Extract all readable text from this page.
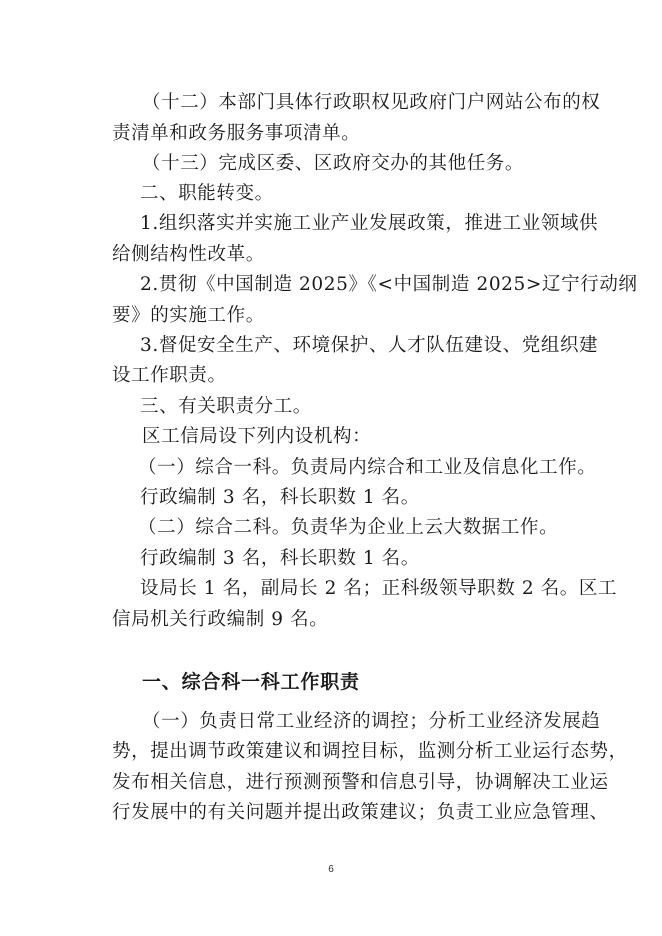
（十二）本部门具体行政职权见政府门户网站公布的权
责清单和政务服务事项清单。
（十三）完成区委、区政府交办的其他任务。
二、职能转变。
1.组织落实并实施工业产业发展政策，推进工业领域供
给侧结构性改革。
2.贯彻《中国制造 2025》《<中国制造 2025>辽宁行动纲
要》的实施工作。
3.督促安全生产、环境保护、人才队伍建设、党组织建
设工作职责。
三、有关职责分工。
区工信局设下列内设机构：
（一）综合一科。负责局内综合和工业及信息化工作。
行政编制 3 名，科长职数 1 名。
（二）综合二科。负责华为企业上云大数据工作。
行政编制 3 名，科长职数 1 名。
设局长 1 名，副局长 2 名；正科级领导职数 2 名。区工
信局机关行政编制 9 名。
一、综合科一科工作职责
（一）负责日常工业经济的调控；分析工业经济发展趋
势，提出调节政策建议和调控目标，监测分析工业运行态势，
发布相关信息，进行预测预警和信息引导，协调解决工业运
行发展中的有关问题并提出政策建议；负责工业应急管理、
6
